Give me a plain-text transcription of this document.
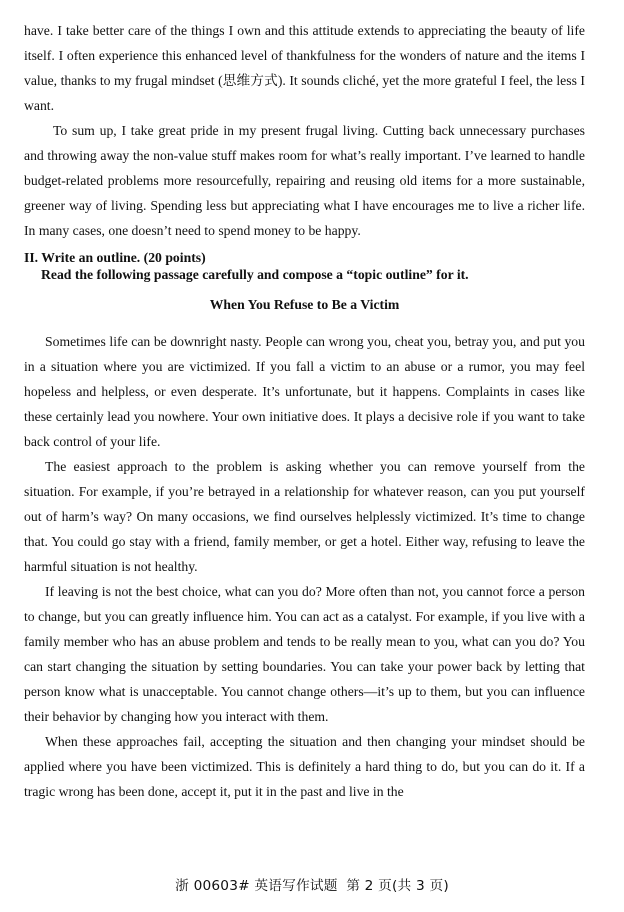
have. I take better care of the things I own and this attitude extends to appreciating the beauty of life itself. I often experience this enhanced level of thankfulness for the wonders of nature and the items I value, thanks to my frugal mindset (思维方式). It sounds cliché, yet the more grateful I feel, the less I want.

To sum up, I take great pride in my present frugal living. Cutting back unnecessary purchases and throwing away the non-value stuff makes room for what’s really important. I’ve learned to handle budget-related problems more resourcefully, repairing and reusing old items for a more sustainable, greener way of living. Spending less but appreciating what I have encourages me to live a richer life. In many cases, one doesn’t need to spend money to be happy.

II. Write an outline. (20 points)
Read the following passage carefully and compose a “topic outline” for it.
When You Refuse to Be a Victim

Sometimes life can be downright nasty. People can wrong you, cheat you, betray you, and put you in a situation where you are victimized. If you fall a victim to an abuse or a rumor, you may feel hopeless and helpless, or even desperate. It’s unfortunate, but it happens. Complaints in cases like these certainly lead you nowhere. Your own initiative does. It plays a decisive role if you want to take back control of your life.

The easiest approach to the problem is asking whether you can remove yourself from the situation. For example, if you’re betrayed in a relationship for whatever reason, can you put yourself out of harm’s way? On many occasions, we find ourselves helplessly victimized. It’s time to change that. You could go stay with a friend, family member, or get a hotel. Either way, refusing to leave the harmful situation is not healthy.

If leaving is not the best choice, what can you do? More often than not, you cannot force a person to change, but you can greatly influence him. You can act as a catalyst. For example, if you live with a family member who has an abuse problem and tends to be really mean to you, what can you do? You can start changing the situation by setting boundaries. You can take your power back by letting that person know what is unacceptable. You cannot change others—it’s up to them, but you can influence their behavior by changing how you interact with them.

When these approaches fail, accepting the situation and then changing your mindset should be applied where you have been victimized. This is definitely a hard thing to do, but you can do it. If a tragic wrong has been done, accept it, put it in the past and live in the

浙 00603# 英语写作试题 第 2 页(共 3 页)
